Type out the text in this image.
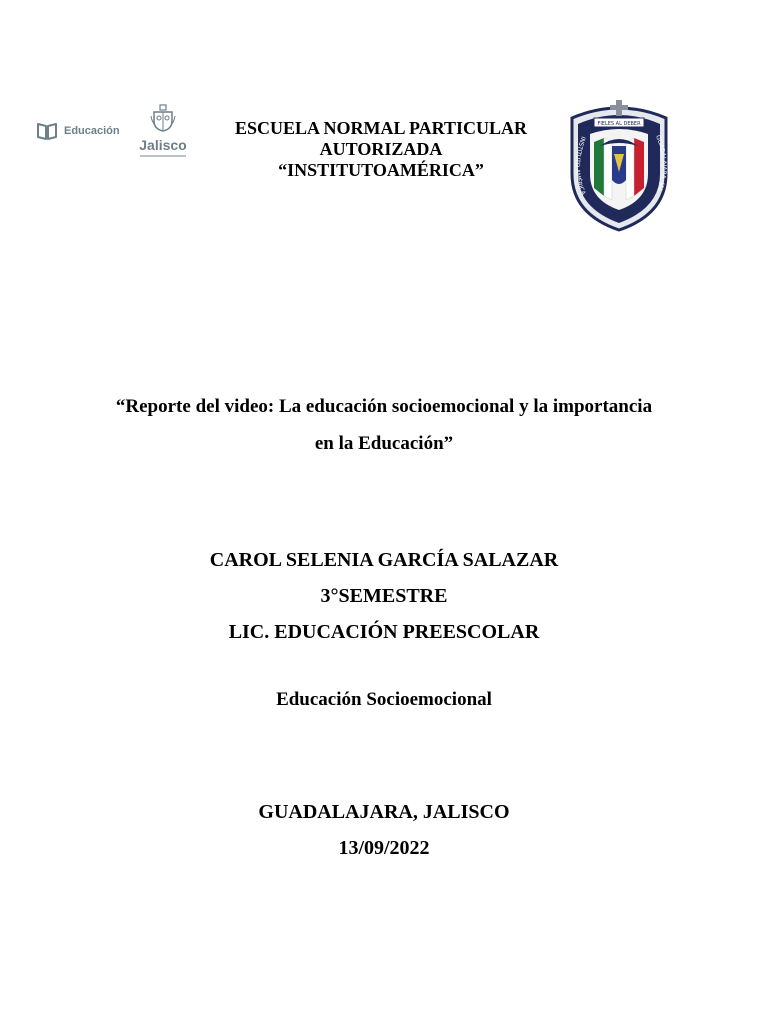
Educación
Jalisco
ESCUELA NORMAL PARTICULAR
AUTORIZADA
“INSTITUTOAMÉRICA”
FIELES AL DEBER
INSTITUTO AMÉRICA
GUADALAJARA, JAL.
“Reporte del video: La educación socioemocional y la importancia
en la Educación”
CAROL SELENIA GARCÍA SALAZAR
3°SEMESTRE
LIC. EDUCACIÓN PREESCOLAR
Educación Socioemocional
GUADALAJARA, JALISCO
13/09/2022
